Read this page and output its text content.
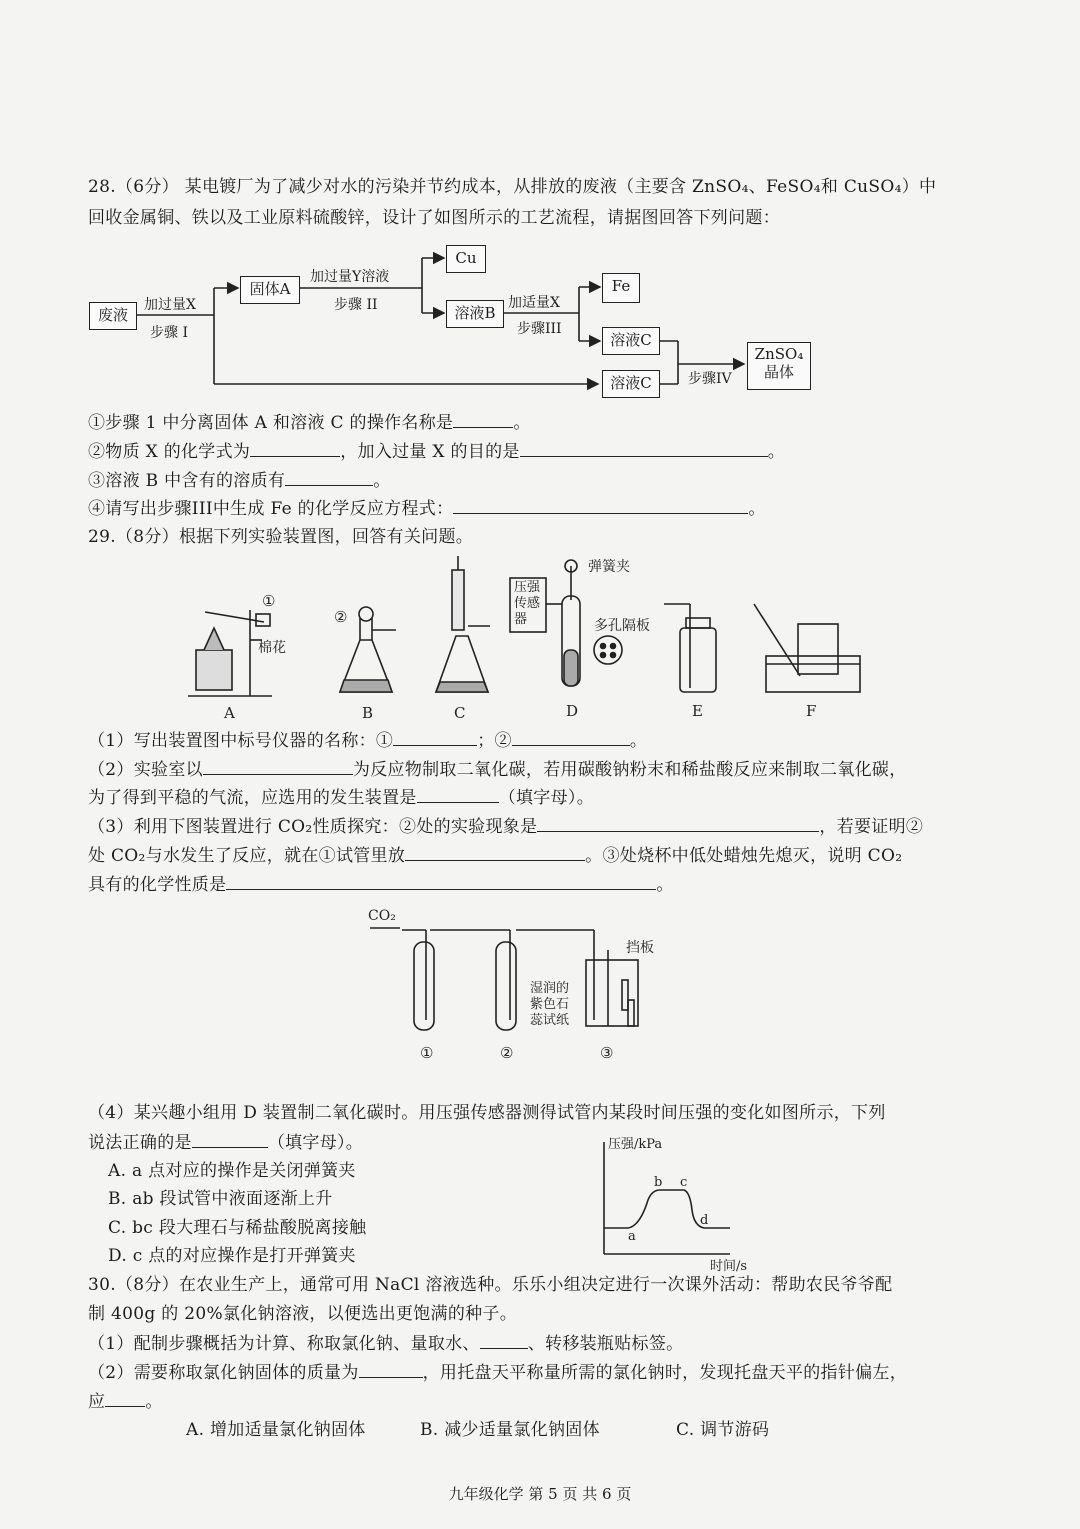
28.（6分） 某电镀厂为了减少对水的污染并节约成本，从排放的废液（主要含 ZnSO₄、FeSO₄和 CuSO₄）中
回收金属铜、铁以及工业原料硫酸锌，设计了如图所示的工艺流程，请据图回答下列问题：
废液
加过量X
步骤 I
固体A
加过量Y溶液
步骤 II
Cu
溶液B
加适量X
步骤III
Fe
溶液C
溶液C	步骤IV
ZnSO₄
晶体
①步骤 1 中分离固体 A 和溶液 C 的操作名称是	。
②物质 X 的化学式为	，加入过量 X 的目的是	。
③溶液 B 中含有的溶质有	。
④请写出步骤III中生成 Fe 的化学反应方程式：	。
29.（8分）根据下列实验装置图，回答有关问题。
①
②
棉花
弹簧夹
多孔隔板
A	B	C	D	E	F
CO₂
挡板
湿润的
紫色石
蕊试纸
①	②	③
压强/kPa
时间/s
a
b c
d
压强传感器
（1）写出装置图中标号仪器的名称：①	；②	。
（2）实验室以	为反应物制取二氧化碳，若用碳酸钠粉末和稀盐酸反应来制取二氧化碳，
为了得到平稳的气流，应选用的发生装置是	（填字母）。
（3）利用下图装置进行 CO₂性质探究：②处的实验现象是	，若要证明②
处 CO₂与水发生了反应，就在①试管里放	。③处烧杯中低处蜡烛先熄灭，说明 CO₂
具有的化学性质是	。
（4）某兴趣小组用 D 装置制二氧化碳时。用压强传感器测得试管内某段时间压强的变化如图所示，下列
说法正确的是	（填字母）。
A. a 点对应的操作是关闭弹簧夹
B. ab 段试管中液面逐渐上升
C. bc 段大理石与稀盐酸脱离接触
D. c 点的对应操作是打开弹簧夹
30.（8分）在农业生产上，通常可用 NaCl 溶液选种。乐乐小组决定进行一次课外活动：帮助农民爷爷配
制 400g 的 20%氯化钠溶液，以便选出更饱满的种子。
（1）配制步骤概括为计算、称取氯化钠、量取水、	、转移装瓶贴标签。
（2）需要称取氯化钠固体的质量为	，用托盘天平称量所需的氯化钠时，发现托盘天平的指针偏左，
应 。
A. 增加适量氯化钠固体	B. 减少适量氯化钠固体	C. 调节游码
九年级化学 第 5 页 共 6 页
